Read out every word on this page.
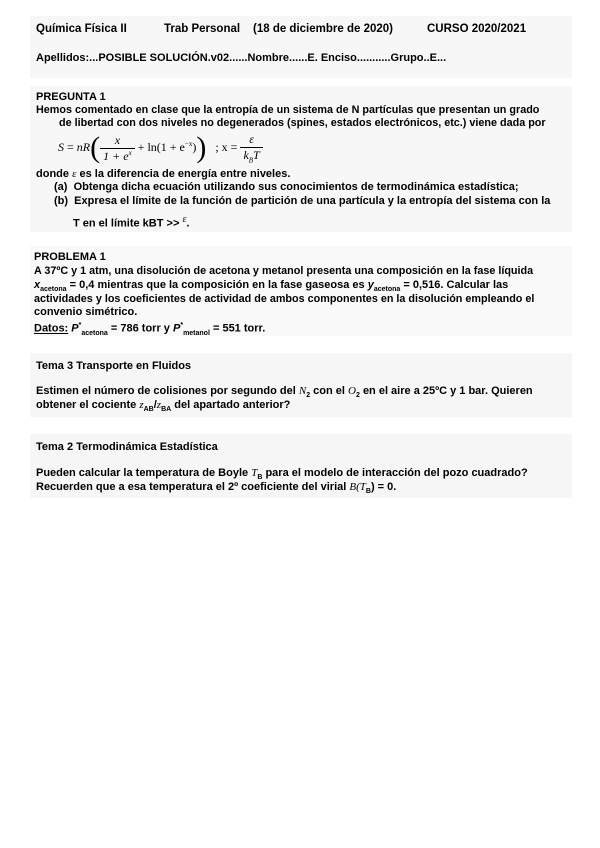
Química Física II	Trab Personal (18 de diciembre de 2020)	CURSO 2020/2021
Apellidos:...POSIBLE SOLUCIÓN.v02......Nombre......E. Enciso...........Grupo..E...
PREGUNTA 1
Hemos comentado en clase que la entropía de un sistema de N partículas que presentan un grado
de libertad con dos niveles no degenerados (spines, estados electrónicos, etc.) viene dada por
$S = nR( \frac{x}{1 + e^x} + \ln(1 + e^{-x}))$ ; $x = \frac{\varepsilon}{k_BT}$
donde ε es la diferencia de energía entre niveles.
(a) Obtenga dicha ecuación utilizando sus conocimientos de termodinámica estadística;
(b) Expresa el límite de la función de partición de una partícula y la entropía del sistema con la
T en el límite kBT >> $^\varepsilon$.
PROBLEMA 1
A 37ºC y 1 atm, una disolución de acetona y metanol presenta una composición en la fase líquida
$x_{acetona} = 0,4$ mientras que la composición en la fase gaseosa es $y_{acetona} = 0,516$. Calcular las
actividades y los coeficientes de actividad de ambos componentes en la disolución empleando el
convenio simétrico.
Datos: $P^*_{acetona} = 786$ torr y $P^*_{metanol} = 551$ torr.
Tema 3 Transporte en Fluidos
Estimen el número de colisiones por segundo del $N_2$ con el $O_2$ en el aire a 25ºC y 1 bar. Quieren
obtener el cociente $z_{AB}/z_{BA}$ del apartado anterior?
Tema 2 Termodinámica Estadística
Pueden calcular la temperatura de Boyle $T_B$ para el modelo de interacción del pozo cuadrado?
Recuerden que a esa temperatura el 2º coeficiente del virial $B(T_B) = 0$.
